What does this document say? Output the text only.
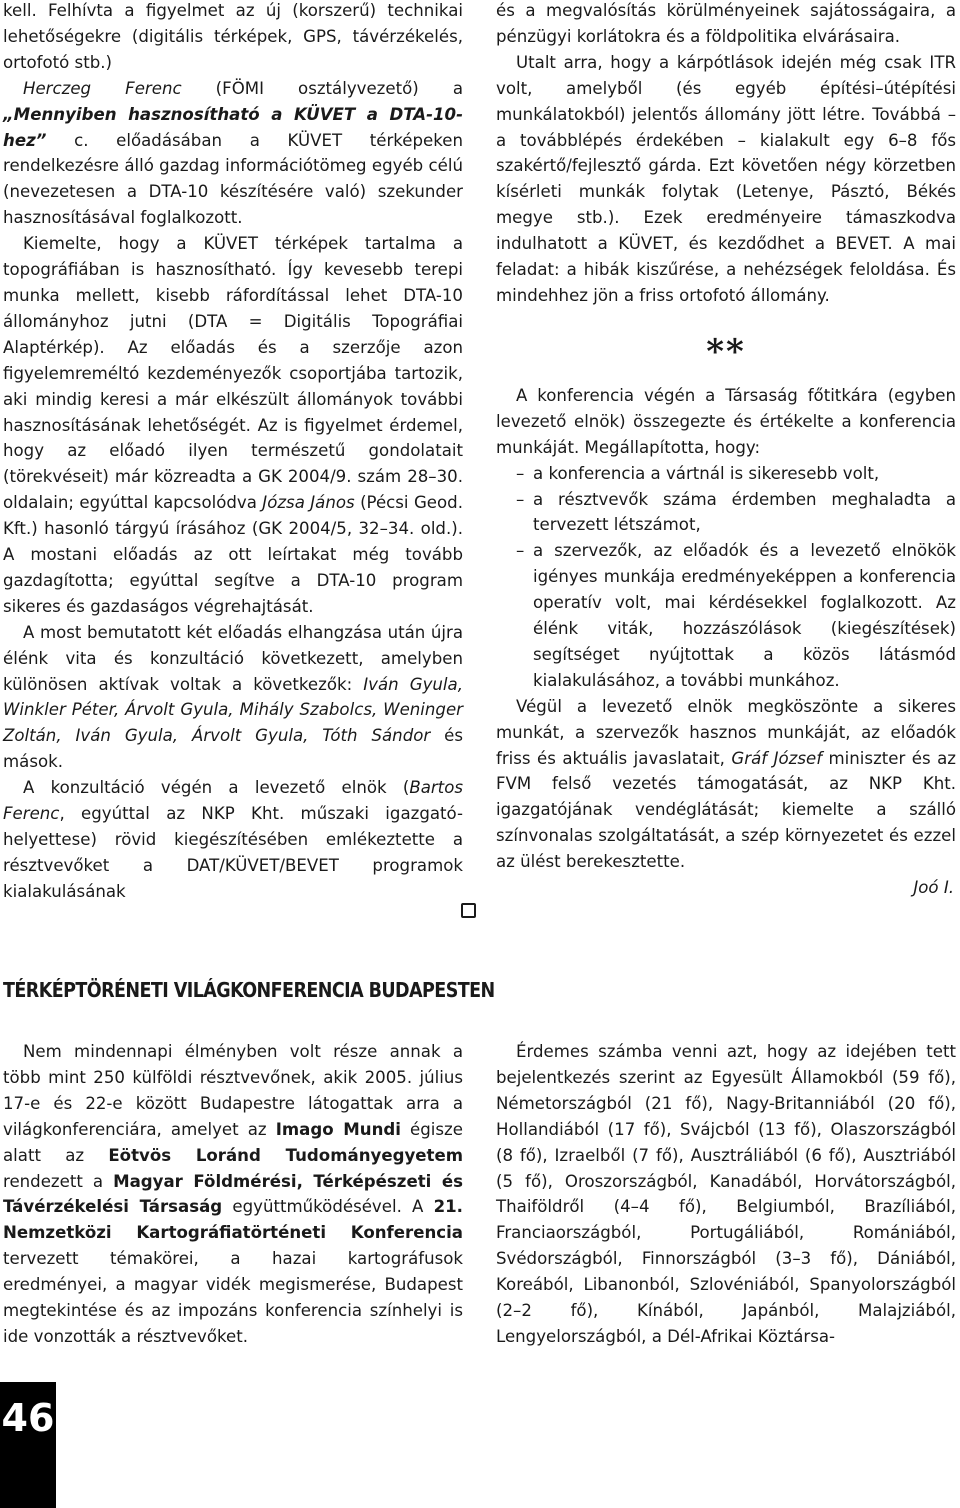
kell. Felhívta a figyelmet az új (korszerű) technikai lehetőségekre (digitális térképek, GPS, távérzékelés, ortofotó stb.)

Herczeg Ferenc (FÖMI osztályvezető) a „Mennyiben hasznosítható a KÜVET a DTA-10-hez” c. előadásában a KÜVET térképeken rendelkezésre álló gazdag információtömeg egyéb célú (nevezetesen a DTA-10 készítésére való) szekunder hasznosításával foglalkozott.

Kiemelte, hogy a KÜVET térképek tartalma a topográfiában is hasznosítható. Így kevesebb terepi munka mellett, kisebb ráfordítással lehet DTA-10 állományhoz jutni (DTA = Digitális Topográfiai Alaptérkép). Az előadás és a szerzője azon figyelemreméltó kezdeményezők csoportjába tartozik, aki mindig keresi a már elkészült állományok további hasznosításának lehetőségét. Az is figyelmet érdemel, hogy az előadó ilyen természetű gondolatait (törekvéseit) már közreadta a GK 2004/9. szám 28–30. oldalain; egyúttal kapcsolódva Józsa János (Pécsi Geod. Kft.) hasonló tárgyú írásához (GK 2004/5, 32–34. old.). A mostani előadás az ott leírtakat még tovább gazdagította; egyúttal segítve a DTA-10 program sikeres és gazdaságos végrehajtását.

A most bemutatott két előadás elhangzása után újra élénk vita és konzultáció következett, amelyben különösen aktívak voltak a következők: Iván Gyula, Winkler Péter, Árvolt Gyula, Mihály Szabolcs, Weninger Zoltán, Iván Gyula, Árvolt Gyula, Tóth Sándor és mások.

A konzultáció végén a levezető elnök (Bartos Ferenc, egyúttal az NKP Kht. műszaki igazgató-helyettese) rövid kiegészítésében emlékeztette a résztvevőket a DAT/KÜVET/BEVET programok kialakulásának

és a megvalósítás körülményeinek sajátosságaira, a pénzügyi korlátokra és a földpolitika elvárásaira.

Utalt arra, hogy a kárpótlások idején még csak ITR volt, amelyből (és egyéb építési–útépítési munkálatokból) jelentős állomány jött létre. Továbbá – a továbblépés érdekében – kialakult egy 6–8 fős szakértő/fejlesztő gárda. Ezt követően négy körzetben kísérleti munkák folytak (Letenye, Pásztó, Békés megye stb.). Ezek eredményeire támaszkodva indulhatott a KÜVET, és kezdődhet a BEVET. A mai feladat: a hibák kiszűrése, a nehézségek feloldása. És mindehhez jön a friss ortofotó állomány.

**

A konferencia végén a Társaság főtitkára (egyben levezető elnök) összegezte és értékelte a konferencia munkáját. Megállapította, hogy:

– a konferencia a vártnál is sikeresebb volt,
– a résztvevők száma érdemben meghaladta a tervezett létszámot,
– a szervezők, az előadók és a levezető elnökök igényes munkája eredményeképpen a konferencia operatív volt, mai kérdésekkel foglalkozott. Az élénk viták, hozzászólások (kiegészítések) segítséget nyújtottak a közös látásmód kialakulásához, a további munkához.

Végül a levezető elnök megköszönte a sikeres munkát, a szervezők hasznos munkáját, az előadók friss és aktuális javaslatait, Gráf József miniszter és az FVM felső vezetés támogatását, az NKP Kht. igazgatójának vendéglátását; kiemelte a szálló színvonalas szolgáltatását, a szép környezetet és ezzel az ülést berekesztette.

Joó I.

TÉRKÉPTÖRÉNETI VILÁGKONFERENCIA BUDAPESTEN

Nem mindennapi élményben volt része annak a több mint 250 külföldi résztvevőnek, akik 2005. július 17-e és 22-e között Budapestre látogattak arra a világkonferenciára, amelyet az Imago Mundi égisze alatt az Eötvös Loránd Tudományegyetem rendezett a Magyar Földmérési, Térképészeti és Távérzékelési Társaság együttműködésével. A 21. Nemzetközi Kartográfiatörténeti Konferencia tervezett témakörei, a hazai kartográfusok eredményei, a magyar vidék megismerése, Budapest megtekintése és az impozáns konferencia színhelyi is ide vonzották a résztvevőket.

Érdemes számba venni azt, hogy az idejében tett bejelentkezés szerint az Egyesült Államokból (59 fő), Németországból (21 fő), Nagy-Britanniából (20 fő), Hollandiából (17 fő), Svájcból (13 fő), Olaszországból (8 fő), Izraelből (7 fő), Ausztráliából (6 fő), Ausztriából (5 fő), Oroszországból, Kanadából, Horvátországból, Thaiföldről (4–4 fő), Belgiumból, Brazíliából, Franciaországból, Portugáliából, Romániából, Svédországból, Finnországból (3–3 fő), Dániából, Koreából, Libanonból, Szlovéniából, Spanyolországból (2–2 fő), Kínából, Japánból, Malajziából, Lengyelországból, a Dél-Afrikai Köztársa-

46
